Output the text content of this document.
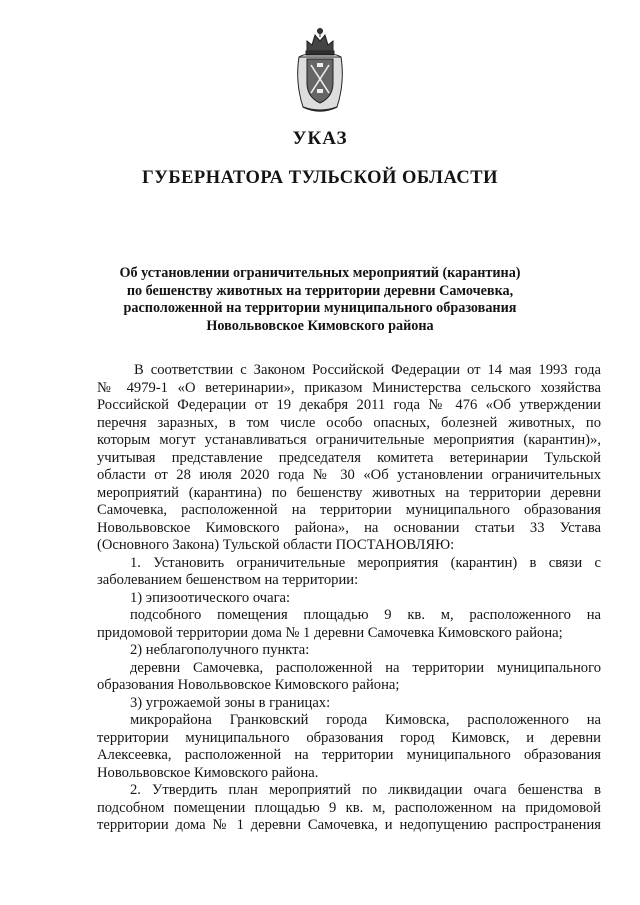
УКАЗ
ГУБЕРНАТОРА ТУЛЬСКОЙ ОБЛАСТИ
Об установлении ограничительных мероприятий (карантина)
по бешенству животных на территории деревни Самочевка,
расположенной на территории муниципального образования
Новольвовское Кимовского района
В соответствии с Законом Российской Федерации от 14 мая 1993 года
№ 4979-1 «О ветеринарии», приказом Министерства сельского хозяйства
Российской Федерации от 19 декабря 2011 года № 476 «Об утверждении
перечня заразных, в том числе особо опасных, болезней животных, по
которым могут устанавливаться ограничительные мероприятия (карантин)»,
учитывая представление председателя комитета ветеринарии Тульской
области от 28 июля 2020 года № 30 «Об установлении ограничительных
мероприятий (карантина) по бешенству животных на территории деревни
Самочевка, расположенной на территории муниципального образования
Новольвовское Кимовского района», на основании статьи 33 Устава
(Основного Закона) Тульской области ПОСТАНОВЛЯЮ:
1. Установить ограничительные мероприятия (карантин) в связи с
заболеванием бешенством на территории:
1) эпизоотического очага:
подсобного помещения площадью 9 кв. м, расположенного на
придомовой территории дома № 1 деревни Самочевка Кимовского района;
2) неблагополучного пункта:
деревни Самочевка, расположенной на территории муниципального
образования Новольвовское Кимовского района;
3) угрожаемой зоны в границах:
микрорайона Гранковский города Кимовска, расположенного на
территории муниципального образования город Кимовск, и деревни
Алексеевка, расположенной на территории муниципального образования
Новольвовское Кимовского района.
2. Утвердить план мероприятий по ликвидации очага бешенства в
подсобном помещении площадью 9 кв. м, расположенном на придомовой
территории дома № 1 деревни Самочевка, и недопущению распространения
